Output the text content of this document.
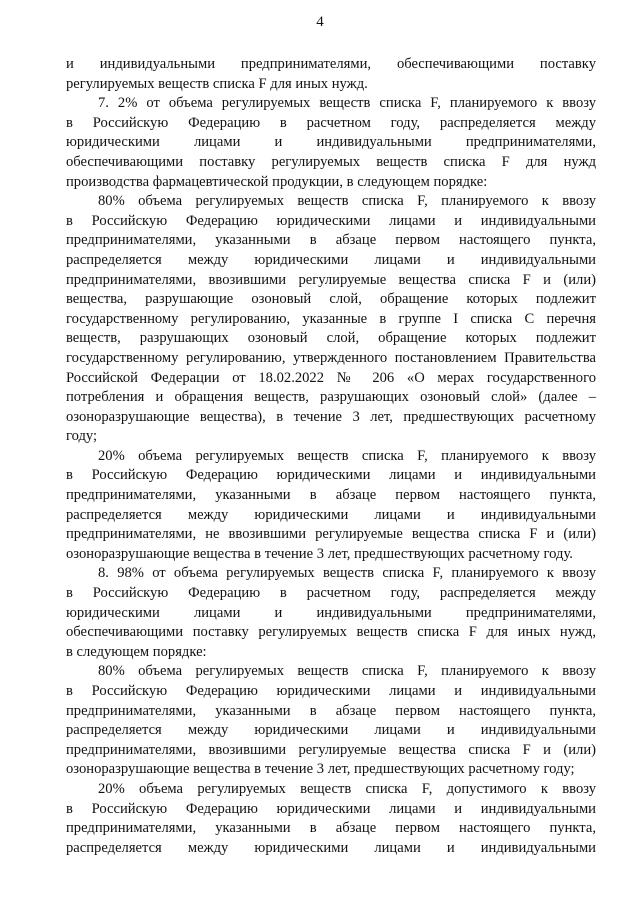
4
и индивидуальными предпринимателями, обеспечивающими поставку
регулируемых веществ списка F для иных нужд.
7. 2% от объема регулируемых веществ списка F, планируемого к ввозу
в Российскую Федерацию в расчетном году, распределяется между
юридическими лицами и индивидуальными предпринимателями,
обеспечивающими поставку регулируемых веществ списка F для нужд
производства фармацевтической продукции, в следующем порядке:
80% объема регулируемых веществ списка F, планируемого к ввозу
в Российскую Федерацию юридическими лицами и индивидуальными
предпринимателями, указанными в абзаце первом настоящего пункта,
распределяется между юридическими лицами и индивидуальными
предпринимателями, ввозившими регулируемые вещества списка F и (или)
вещества, разрушающие озоновый слой, обращение которых подлежит
государственному регулированию, указанные в группе I списка С перечня
веществ, разрушающих озоновый слой, обращение которых подлежит
государственному регулированию, утвержденного постановлением Правительства
Российской Федерации от 18.02.2022 № 206 «О мерах государственного
потребления и обращения веществ, разрушающих озоновый слой» (далее –
озоноразрушающие вещества), в течение 3 лет, предшествующих расчетному
году;
20% объема регулируемых веществ списка F, планируемого к ввозу
в Российскую Федерацию юридическими лицами и индивидуальными
предпринимателями, указанными в абзаце первом настоящего пункта,
распределяется между юридическими лицами и индивидуальными
предпринимателями, не ввозившими регулируемые вещества списка F и (или)
озоноразрушающие вещества в течение 3 лет, предшествующих расчетному году.
8. 98% от объема регулируемых веществ списка F, планируемого к ввозу
в Российскую Федерацию в расчетном году, распределяется между
юридическими лицами и индивидуальными предпринимателями,
обеспечивающими поставку регулируемых веществ списка F для иных нужд,
в следующем порядке:
80% объема регулируемых веществ списка F, планируемого к ввозу
в Российскую Федерацию юридическими лицами и индивидуальными
предпринимателями, указанными в абзаце первом настоящего пункта,
распределяется между юридическими лицами и индивидуальными
предпринимателями, ввозившими регулируемые вещества списка F и (или)
озоноразрушающие вещества в течение 3 лет, предшествующих расчетному году;
20% объема регулируемых веществ списка F, допустимого к ввозу
в Российскую Федерацию юридическими лицами и индивидуальными
предпринимателями, указанными в абзаце первом настоящего пункта,
распределяется между юридическими лицами и индивидуальными
